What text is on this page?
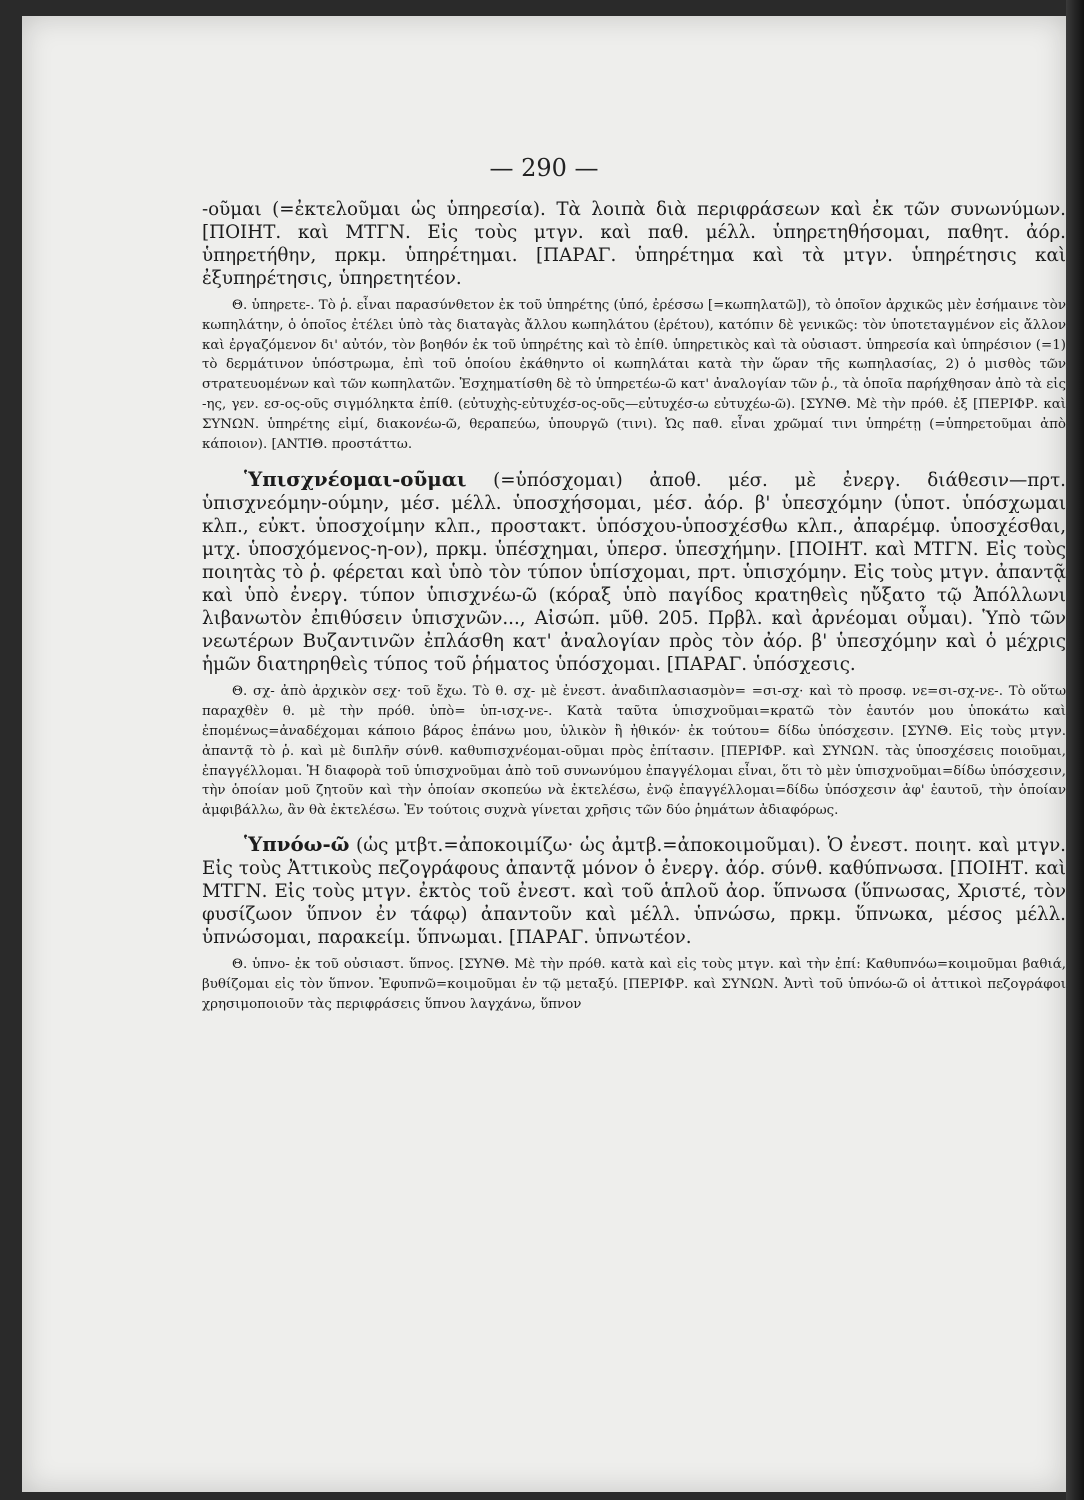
— 290 —

-οῦμαι (=ἐκτελοῦμαι ὡς ὑπηρεσία). Τὰ λοιπὰ διὰ περιφράσεων καὶ ἐκ τῶν συνωνύμων. [ΠΟΙΗΤ. καὶ ΜΤΓΝ. Εἰς τοὺς μτγν. καὶ παθ. μέλλ. ὑπηρετηθήσομαι, παθητ. ἀόρ. ὑπηρετήθην, πρκμ. ὑπηρέτημαι. [ΠΑΡΑΓ. ὑπηρέτημα καὶ τὰ μτγν. ὑπηρέτησις καὶ ἐξυπηρέτησις, ὑπηρετητέον.

Θ. ὑπηρετε-. Τὸ ῥ. εἶναι παρασύνθετον ἐκ τοῦ ὑπηρέτης (ὑπό, ἐρέσσω [=κωπηλατῶ]), τὸ ὁποῖον ἀρχικῶς μὲν ἐσήμαινε τὸν κωπηλάτην, ὁ ὁποῖος ἐτέλει ὑπὸ τὰς διαταγὰς ἄλλου κωπηλάτου (ἐρέτου), κατόπιν δὲ γενικῶς: τὸν ὑποτεταγμένον εἰς ἄλλον καὶ ἐργαζόμενον δι' αὐτόν, τὸν βοηθόν ἐκ τοῦ ὑπηρέτης καὶ τὸ ἐπίθ. ὑπηρετικὸς καὶ τὰ οὐσιαστ. ὑπηρεσία καὶ ὑπηρέσιον (=1) τὸ δερμάτινον ὑπόστρωμα, ἐπὶ τοῦ ὁποίου ἐκάθηντο οἱ κωπηλάται κατὰ τὴν ὥραν τῆς κωπηλασίας, 2) ὁ μισθὸς τῶν στρατευομένων καὶ τῶν κωπηλατῶν. Ἐσχηματίσθη δὲ τὸ ὑπηρετέω-ῶ κατ' ἀναλογίαν τῶν ῥ., τὰ ὁποῖα παρήχθησαν ἀπὸ τὰ εἰς -ης, γεν. εσ-ος-οῦς σιγμόληκτα ἐπίθ. (εὐτυχὴς-εὐτυχέσ-ος-οῦς—εὐτυχέσ-ω εὐτυχέω-ῶ). [ΣΥΝΘ. Μὲ τὴν πρόθ. ἐξ [ΠΕΡΙΦΡ. καὶ ΣΥΝΩΝ. ὑπηρέτης εἰμί, διακονέω-ῶ, θεραπεύω, ὑπουργῶ (τινι). Ὡς παθ. εἶναι χρῶμαί τινι ὑπηρέτῃ (=ὑπηρετοῦμαι ἀπὸ κάποιον). [ΑΝΤΙΘ. προστάττω.

Ὑπισχνέομαι-οῦμαι (=ὑπόσχομαι) ἀποθ. μέσ. μὲ ἐνεργ. διάθεσιν—πρτ. ὑπισχνεόμην-ούμην, μέσ. μέλλ. ὑποσχήσομαι, μέσ. ἀόρ. β' ὑπεσχόμην (ὑποτ. ὑπόσχωμαι κλπ., εὐκτ. ὑποσχοίμην κλπ., προστακτ. ὑπόσχου-ὑποσχέσθω κλπ., ἀπαρέμφ. ὑποσχέσθαι, μτχ. ὑποσχόμενος-η-ον), πρκμ. ὑπέσχημαι, ὑπερσ. ὑπεσχήμην. [ΠΟΙΗΤ. καὶ ΜΤΓΝ. Εἰς τοὺς ποιητὰς τὸ ῥ. φέρεται καὶ ὑπὸ τὸν τύπον ὑπίσχομαι, πρτ. ὑπισχόμην. Εἰς τοὺς μτγν. ἀπαντᾷ καὶ ὑπὸ ἐνεργ. τύπον ὑπισχνέω-ῶ (κόραξ ὑπὸ παγίδος κρατηθεὶς ηὔξατο τῷ Ἀπόλλωνι λιβανωτὸν ἐπιθύσειν ὑπισχνῶν..., Αἰσώπ. μῦθ. 205. Πρβλ. καὶ ἀρνέομαι οὖμαι). Ὑπὸ τῶν νεωτέρων Βυζαντινῶν ἐπλάσθη κατ' ἀναλογίαν πρὸς τὸν ἀόρ. β' ὑπεσχόμην καὶ ὁ μέχρις ἡμῶν διατηρηθεὶς τύπος τοῦ ῥήματος ὑπόσχομαι. [ΠΑΡΑΓ. ὑπόσχεσις.

Θ. σχ- ἀπὸ ἀρχικὸν σεχ· τοῦ ἔχω. Τὸ θ. σχ- μὲ ἐνεστ. ἀναδιπλασιασμὸν= =σι-σχ· καὶ τὸ προσφ. νε=σι-σχ-νε-. Τὸ οὕτω παραχθὲν θ. μὲ τὴν πρόθ. ὑπὸ= ὑπ-ισχ-νε-. Κατὰ ταῦτα ὑπισχνοῦμαι=κρατῶ τὸν ἑαυτόν μου ὑποκάτω καὶ ἐπομένως=ἀναδέχομαι κάποιο βάρος ἐπάνω μου, ὑλικὸν ἢ ἠθικόν· ἐκ τούτου= δίδω ὑπόσχεσιν. [ΣΥΝΘ. Εἰς τοὺς μτγν. ἀπαντᾷ τὸ ῥ. καὶ μὲ διπλῆν σύνθ. καθυπισχνέομαι-οῦμαι πρὸς ἐπίτασιν. [ΠΕΡΙΦΡ. καὶ ΣΥΝΩΝ. τὰς ὑποσχέσεις ποιοῦμαι, ἐπαγγέλλομαι. Ἡ διαφορὰ τοῦ ὑπισχνοῦμαι ἀπὸ τοῦ συνωνύμου ἐπαγγέλομαι εἶναι, ὅτι τὸ μὲν ὑπισχνοῦμαι=δίδω ὑπόσχεσιν, τὴν ὁποίαν μοῦ ζητοῦν καὶ τὴν ὁποίαν σκοπεύω νὰ ἐκτελέσω, ἐνῷ ἐπαγγέλλομαι=δίδω ὑπόσχεσιν ἀφ' ἑαυτοῦ, τὴν ὁποίαν ἀμφιβάλλω, ἂν θὰ ἐκτελέσω. Ἐν τούτοις συχνὰ γίνεται χρῆσις τῶν δύο ῥημάτων ἀδιαφόρως.

Ὑπνόω-ῶ (ὡς μτβτ.=ἀποκοιμίζω· ὡς ἀμτβ.=ἀποκοιμοῦμαι). Ὁ ἐνεστ. ποιητ. καὶ μτγν. Εἰς τοὺς Ἀττικοὺς πεζογράφους ἀπαντᾷ μόνον ὁ ἐνεργ. ἀόρ. σύνθ. καθύπνωσα. [ΠΟΙΗΤ. καὶ ΜΤΓΝ. Εἰς τοὺς μτγν. ἐκτὸς τοῦ ἐνεστ. καὶ τοῦ ἁπλοῦ ἀορ. ὕπνωσα (ὕπνωσας, Χριστέ, τὸν φυσίζωον ὕπνον ἐν τάφῳ) ἀπαντοῦν καὶ μέλλ. ὑπνώσω, πρκμ. ὕπνωκα, μέσος μέλλ. ὑπνώσομαι, παρακείμ. ὕπνωμαι. [ΠΑΡΑΓ. ὑπνωτέον.

Θ. ὑπνο- ἐκ τοῦ οὐσιαστ. ὕπνος. [ΣΥΝΘ. Μὲ τὴν πρόθ. κατὰ καὶ εἰς τοὺς μτγν. καὶ τὴν ἐπί: Καθυπνόω=κοιμοῦμαι βαθιά, βυθίζομαι εἰς τὸν ὕπνον. Ἐφυπνῶ=κοιμοῦμαι ἐν τῷ μεταξύ. [ΠΕΡΙΦΡ. καὶ ΣΥΝΩΝ. Ἀντὶ τοῦ ὑπνόω-ῶ οἱ ἀττικοὶ πεζογράφοι χρησιμοποιοῦν τὰς περιφράσεις ὕπνου λαγχάνω, ὕπνον
